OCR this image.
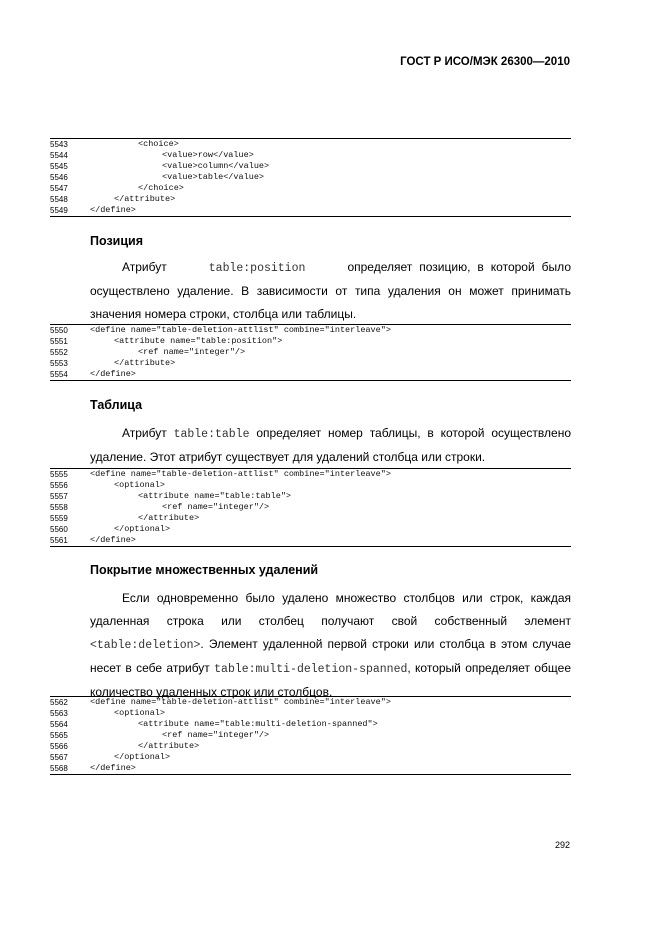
ГОСТ Р ИСО/МЭК 26300—2010
5543	<choice>
5544	<value>row</value>
5545	<value>column</value>
5546	<value>table</value>
5547	</choice>
5548	</attribute>
5549	</define>
Позиция

Атрибут	table:position	определяет позицию, в которой было осуществлено удаление. В зависимости от типа удаления он может принимать значения номера строки, столбца или таблицы.

5550	<define name="table-deletion-attlist" combine="interleave">
5551	<attribute name="table:position">
5552	<ref name="integer"/>
5553	</attribute>
5554	</define>
Таблица

Атрибут table:table определяет номер таблицы, в которой осуществлено удаление. Этот атрибут существует для удалений столбца или строки.

5555	<define name="table-deletion-attlist" combine="interleave">
5556	<optional>
5557	<attribute name="table:table">
5558	<ref name="integer"/>
5559	</attribute>
5560	</optional>
5561	</define>
Покрытие множественных удалений

Если одновременно было удалено множество столбцов или строк, каждая удаленная строка или столбец получают свой собственный элемент <table:deletion>. Элемент удаленной первой строки или столбца в этом случае несет в себе атрибут table:multi-deletion-spanned, который определяет общее количество удаленных строк или столбцов.

5562	<define name="table-deletion-attlist" combine="interleave">
5563	<optional>
5564	<attribute name="table:multi-deletion-spanned">
5565	<ref name="integer"/>
5566	</attribute>
5567	</optional>
5568	</define>
292
